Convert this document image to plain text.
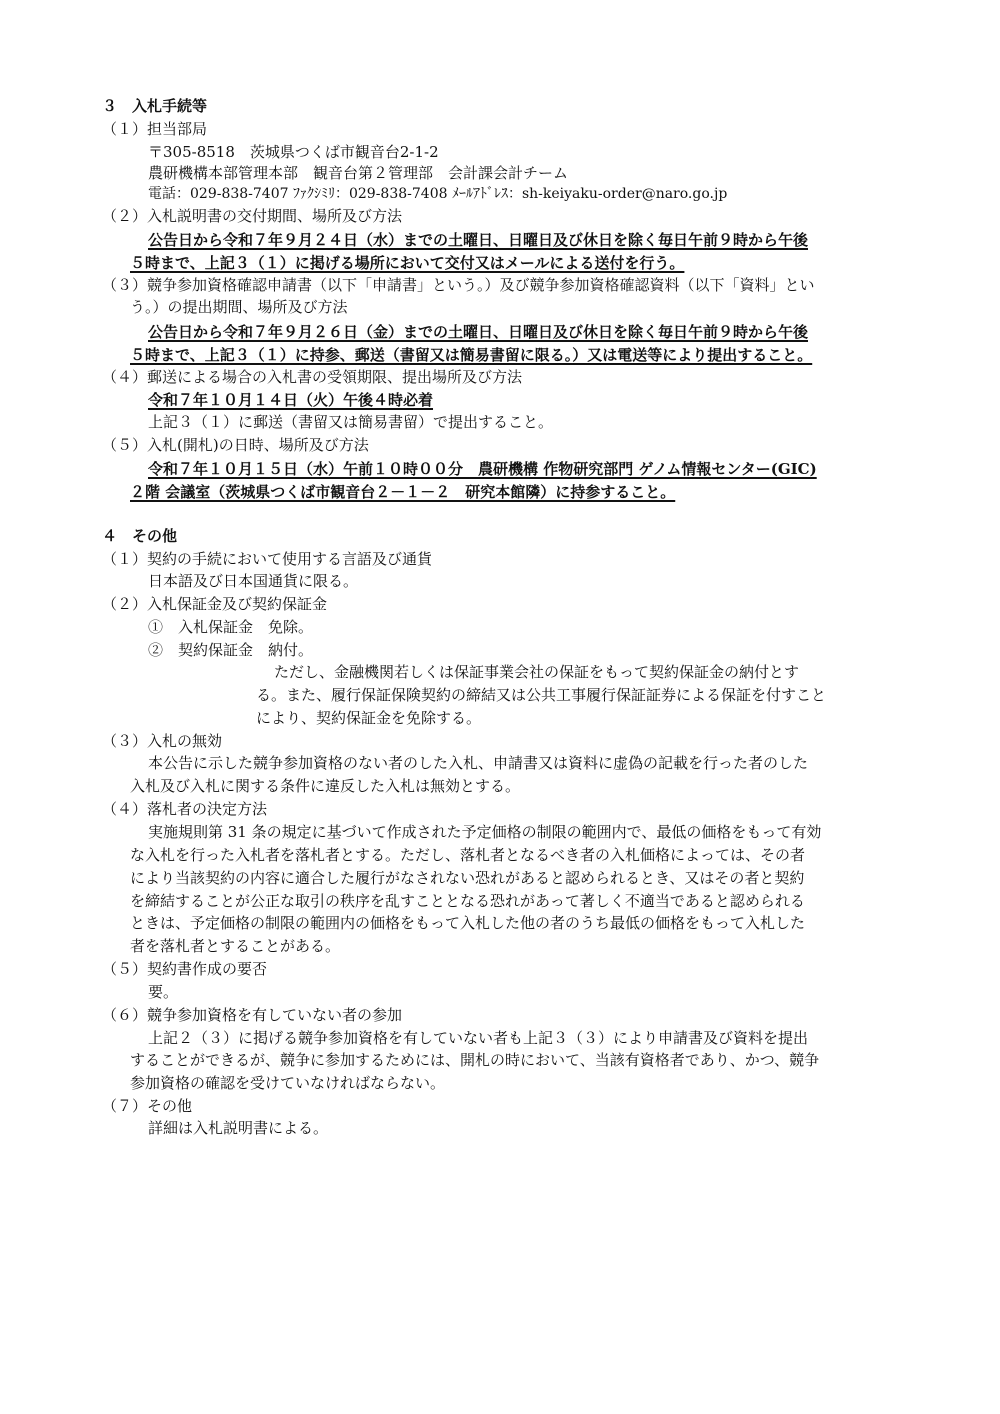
３　入札手続等
（１）担当部局
〒305-8518　茨城県つくば市観音台2-1-2
農研機構本部管理本部　観音台第２管理部　会計課会計チーム
電話：029-838-7407 ﾌｧｸｼﾐﾘ：029-838-7408 ﾒｰﾙｱﾄﾞﾚｽ：sh-keiyaku-order@naro.go.jp
（２）入札説明書の交付期間、場所及び方法
公告日から令和７年９月２４日（水）までの土曜日、日曜日及び休日を除く毎日午前９時から午後
５時まで、上記３（１）に掲げる場所において交付又はメールによる送付を行う。
（３）競争参加資格確認申請書（以下「申請書」という。）及び競争参加資格確認資料（以下「資料」とい
う。）の提出期間、場所及び方法
公告日から令和７年９月２６日（金）までの土曜日、日曜日及び休日を除く毎日午前９時から午後
５時まで、上記３（１）に持参、郵送（書留又は簡易書留に限る。）又は電送等により提出すること。
（４）郵送による場合の入札書の受領期限、提出場所及び方法
令和７年１０月１４日（火）午後４時必着
上記３（１）に郵送（書留又は簡易書留）で提出すること。
（５）入札(開札)の日時、場所及び方法
令和７年１０月１５日（水）午前１０時００分　農研機構 作物研究部門 ゲノム情報センター(GIC)
２階 会議室（茨城県つくば市観音台２－１－２　研究本館隣）に持参すること。
４　その他
（１）契約の手続において使用する言語及び通貨
日本語及び日本国通貨に限る。
（２）入札保証金及び契約保証金
①　入札保証金　免除。
②　契約保証金　納付。
ただし、金融機関若しくは保証事業会社の保証をもって契約保証金の納付とす
る。また、履行保証保険契約の締結又は公共工事履行保証証券による保証を付すこと
により、契約保証金を免除する。
（３）入札の無効
本公告に示した競争参加資格のない者のした入札、申請書又は資料に虚偽の記載を行った者のした
入札及び入札に関する条件に違反した入札は無効とする。
（４）落札者の決定方法
実施規則第 31 条の規定に基づいて作成された予定価格の制限の範囲内で、最低の価格をもって有効
な入札を行った入札者を落札者とする。ただし、落札者となるべき者の入札価格によっては、その者
により当該契約の内容に適合した履行がなされない恐れがあると認められるとき、又はその者と契約
を締結することが公正な取引の秩序を乱すこととなる恐れがあって著しく不適当であると認められる
ときは、予定価格の制限の範囲内の価格をもって入札した他の者のうち最低の価格をもって入札した
者を落札者とすることがある。
（５）契約書作成の要否
要。
（６）競争参加資格を有していない者の参加
上記２（３）に掲げる競争参加資格を有していない者も上記３（３）により申請書及び資料を提出
することができるが、競争に参加するためには、開札の時において、当該有資格者であり、かつ、競争
参加資格の確認を受けていなければならない。
（７）その他
詳細は入札説明書による。
